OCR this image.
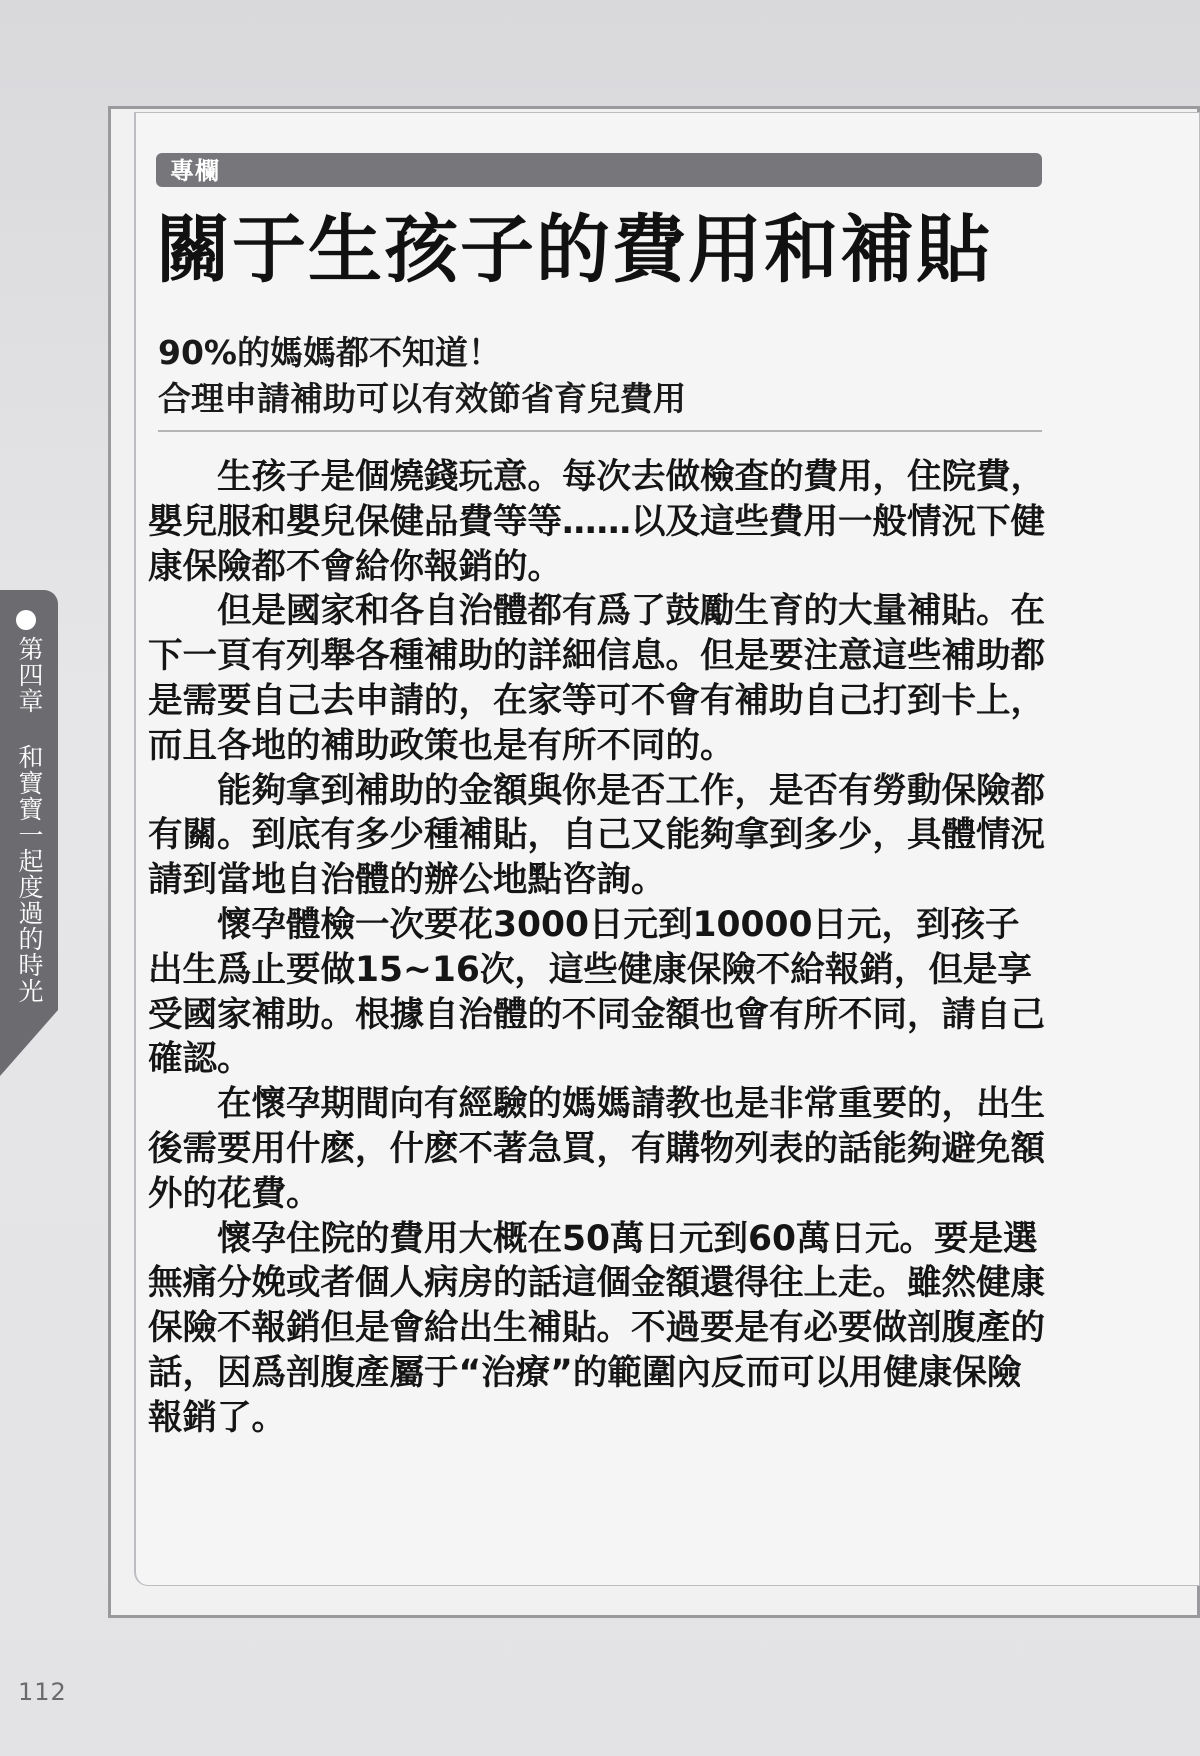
專欄
關于生孩子的費用和補貼
90%的媽媽都不知道！
合理申請補助可以有效節省育兒費用

生孩子是個燒錢玩意。每次去做檢查的費用，住院費，嬰兒服和嬰兒保健品費等等……以及這些費用一般情況下健康保險都不會給你報銷的。

但是國家和各自治體都有爲了鼓勵生育的大量補貼。在下一頁有列舉各種補助的詳細信息。但是要注意這些補助都是需要自己去申請的，在家等可不會有補助自己打到卡上，而且各地的補助政策也是有所不同的。

能夠拿到補助的金額與你是否工作，是否有勞動保險都有關。到底有多少種補貼，自己又能夠拿到多少，具體情況請到當地自治體的辦公地點咨詢。

懷孕體檢一次要花3000日元到10000日元，到孩子出生爲止要做15~16次，這些健康保險不給報銷，但是享受國家補助。根據自治體的不同金額也會有所不同，請自己確認。

在懷孕期間向有經驗的媽媽請教也是非常重要的，出生後需要用什麽，什麽不著急買，有購物列表的話能夠避免額外的花費。

懷孕住院的費用大概在50萬日元到60萬日元。要是選無痛分娩或者個人病房的話這個金額還得往上走。雖然健康保險不報銷但是會給出生補貼。不過要是有必要做剖腹產的話，因爲剖腹產屬于“治療”的範圍內反而可以用健康保險報銷了。

第四章 和寶寶一起度過的時光
112
